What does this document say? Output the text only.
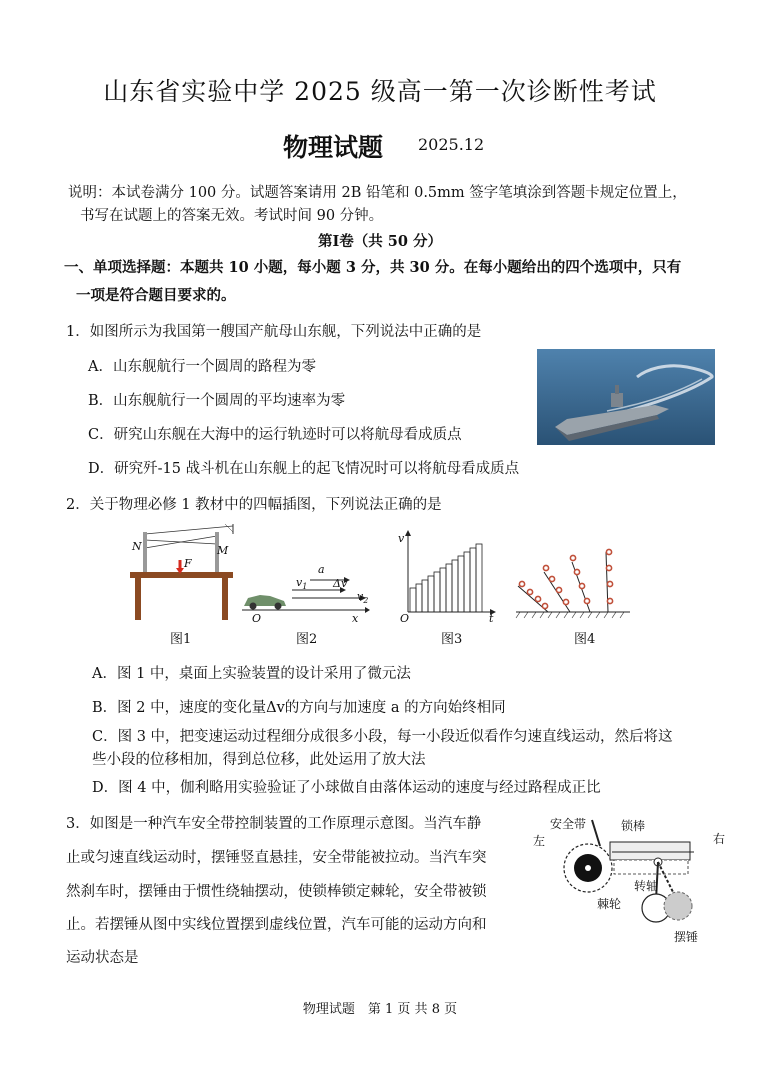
山东省实验中学 2025 级高一第一次诊断性考试
物理试题 2025.12
说明：本试卷满分 100 分。试题答案请用 2B 铅笔和 0.5mm 签字笔填涂到答题卡规定位置上，
书写在试题上的答案无效。考试时间 90 分钟。
第Ⅰ卷（共 50 分）
一、单项选择题：本题共 10 小题，每小题 3 分，共 30 分。在每小题给出的四个选项中，只有
一项是符合题目要求的。
1．如图所示为我国第一艘国产航母山东舰，下列说法中正确的是
A．山东舰航行一个圆周的路程为零
B．山东舰航行一个圆周的平均速率为零
C．研究山东舰在大海中的运行轨迹时可以将航母看成质点
D．研究歼-15 战斗机在山东舰上的起飞情况时可以将航母看成质点
2．关于物理必修 1 教材中的四幅插图，下列说法正确的是
N	M
F
图1
a
$v_1$ Δv
$v_2$
O	x
图2
v
O	t
图3	图4
A．图 1 中，桌面上实验装置的设计采用了微元法
B．图 2 中，速度的变化量Δv的方向与加速度 a 的方向始终相同
C．图 3 中，把变速运动过程细分成很多小段，每一小段近似看作匀速直线运动，然后将这
些小段的位移相加，得到总位移，此处运用了放大法
D．图 4 中，伽利略用实验验证了小球做自由落体运动的速度与经过路程成正比
3．如图是一种汽车安全带控制装置的工作原理示意图。当汽车静
止或匀速直线运动时，摆锤竖直悬挂，安全带能被拉动。当汽车突
然刹车时，摆锤由于惯性绕轴摆动，使锁棒锁定棘轮，安全带被锁
止。若摆锤从图中实线位置摆到虚线位置，汽车可能的运动方向和
运动状态是
左	右
安全带	锁棒
转轴
棘轮
摆锤
物理试题　第 1 页 共 8 页
